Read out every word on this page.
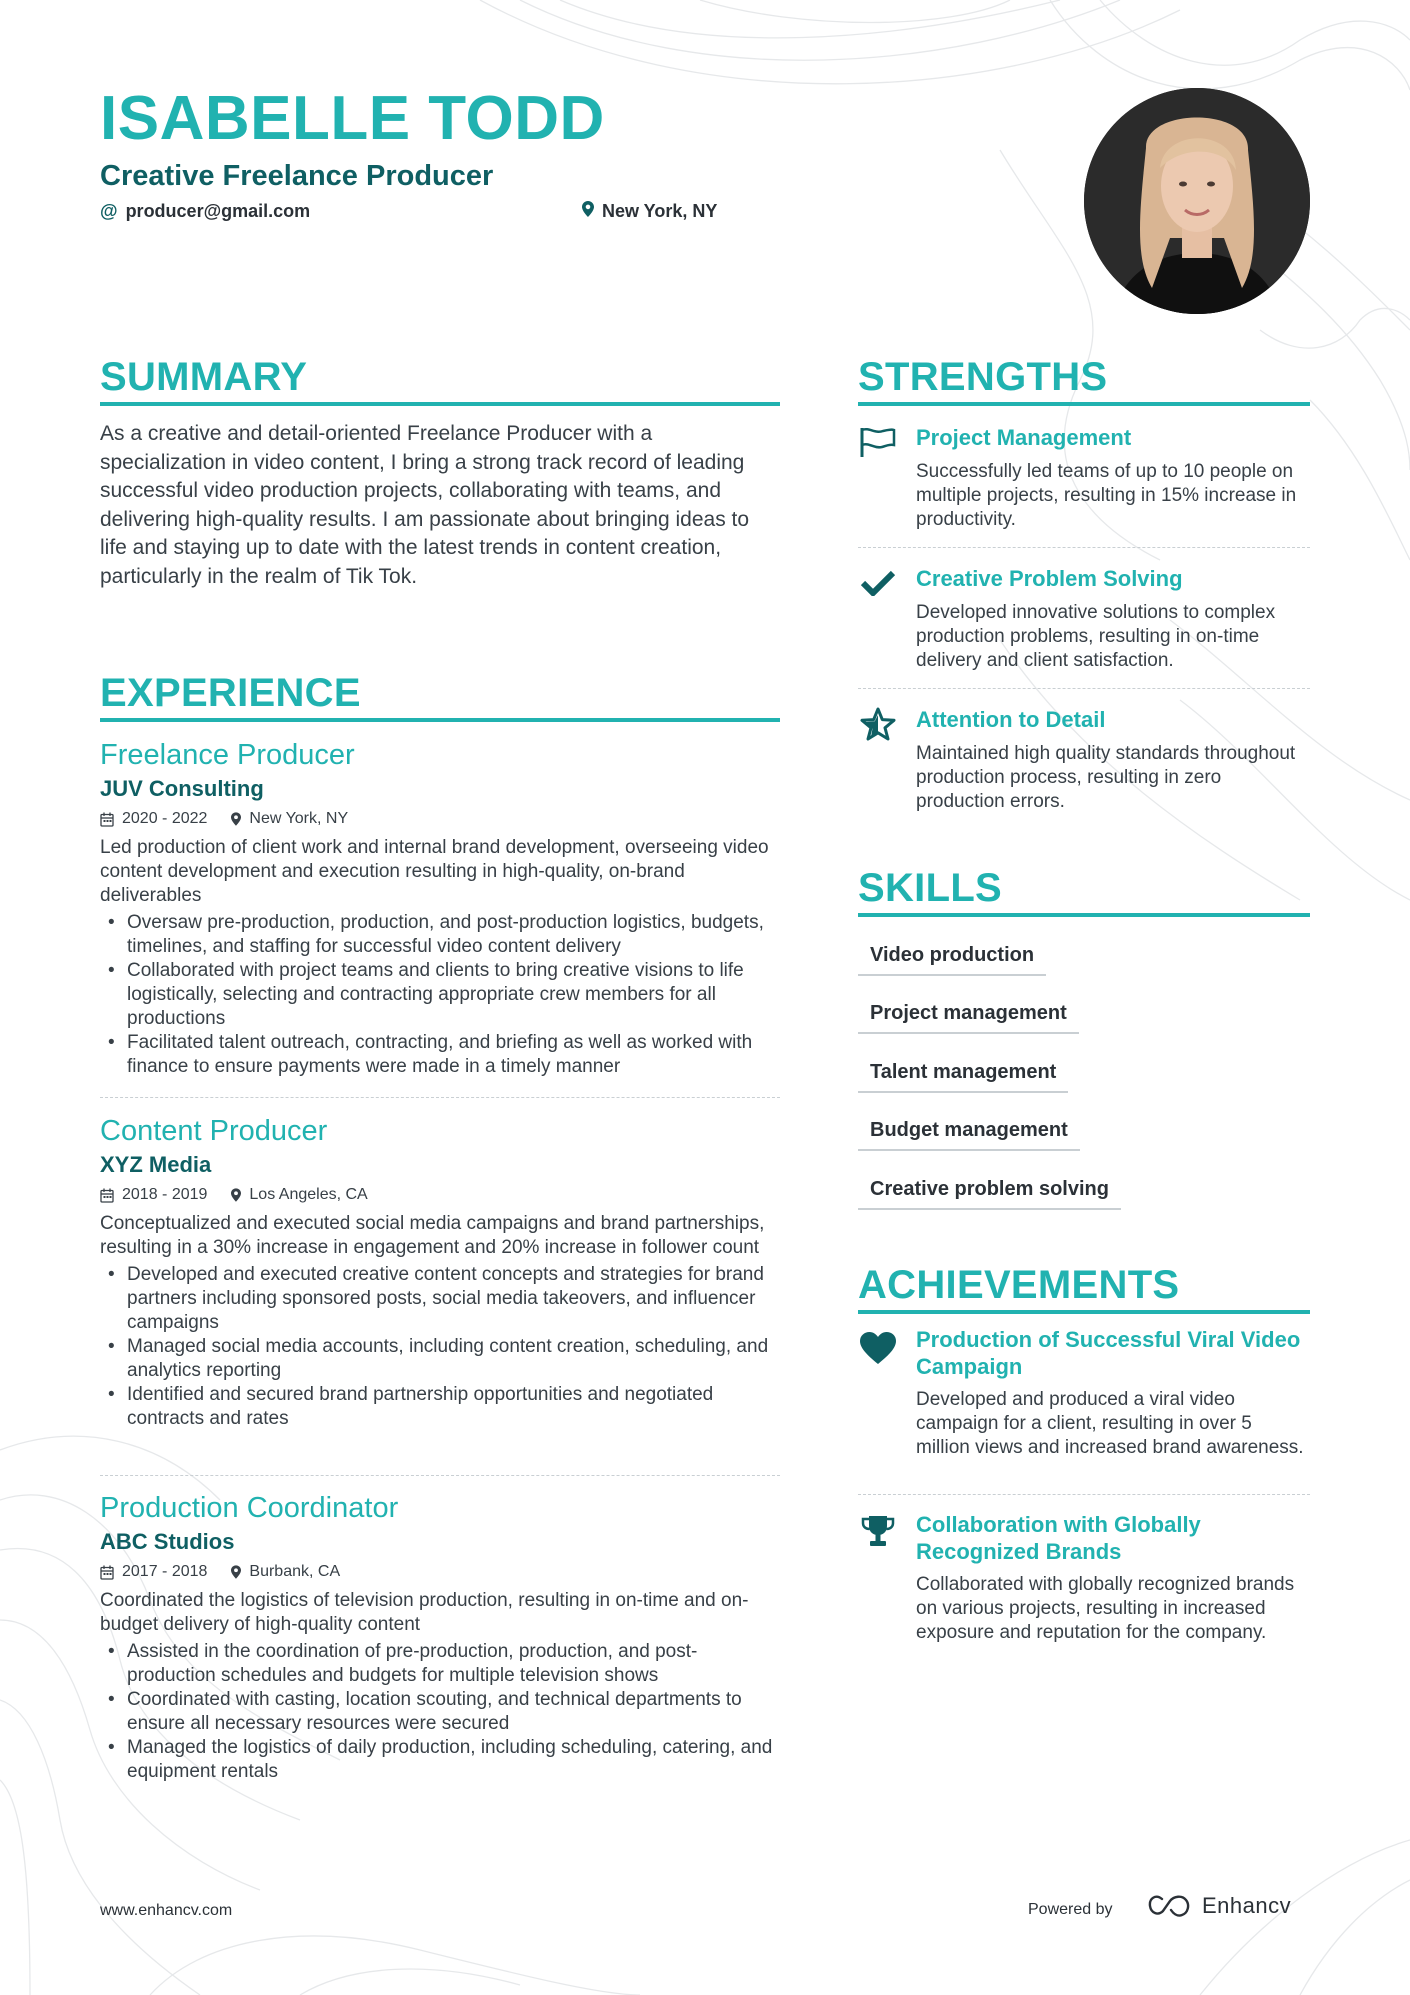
ISABELLE TODD
Creative Freelance Producer
@ producer@gmail.com	New York, NY
SUMMARY
As a creative and detail-oriented Freelance Producer with a specialization in video content, I bring a strong track record of leading successful video production projects, collaborating with teams, and delivering high-quality results. I am passionate about bringing ideas to life and staying up to date with the latest trends in content creation, particularly in the realm of Tik Tok.
EXPERIENCE
Freelance Producer
JUV Consulting
2020 - 2022	New York, NY
Led production of client work and internal brand development, overseeing video content development and execution resulting in high-quality, on-brand deliverables
• Oversaw pre-production, production, and post-production logistics, budgets, timelines, and staffing for successful video content delivery
• Collaborated with project teams and clients to bring creative visions to life logistically, selecting and contracting appropriate crew members for all productions
• Facilitated talent outreach, contracting, and briefing as well as worked with finance to ensure payments were made in a timely manner
Content Producer
XYZ Media
2018 - 2019	Los Angeles, CA
Conceptualized and executed social media campaigns and brand partnerships, resulting in a 30% increase in engagement and 20% increase in follower count
• Developed and executed creative content concepts and strategies for brand partners including sponsored posts, social media takeovers, and influencer campaigns
• Managed social media accounts, including content creation, scheduling, and analytics reporting
• Identified and secured brand partnership opportunities and negotiated contracts and rates
Production Coordinator
ABC Studios
2017 - 2018	Burbank, CA
Coordinated the logistics of television production, resulting in on-time and on-budget delivery of high-quality content
• Assisted in the coordination of pre-production, production, and post-production schedules and budgets for multiple television shows
• Coordinated with casting, location scouting, and technical departments to ensure all necessary resources were secured
• Managed the logistics of daily production, including scheduling, catering, and equipment rentals
STRENGTHS
Project Management
Successfully led teams of up to 10 people on multiple projects, resulting in 15% increase in productivity.
Creative Problem Solving
Developed innovative solutions to complex production problems, resulting in on-time delivery and client satisfaction.
Attention to Detail
Maintained high quality standards throughout production process, resulting in zero production errors.
SKILLS
Video production
Project management
Talent management
Budget management
Creative problem solving
ACHIEVEMENTS
Production of Successful Viral Video Campaign
Developed and produced a viral video campaign for a client, resulting in over 5 million views and increased brand awareness.
Collaboration with Globally Recognized Brands
Collaborated with globally recognized brands on various projects, resulting in increased exposure and reputation for the company.
www.enhancv.com	Powered by	Enhancv
